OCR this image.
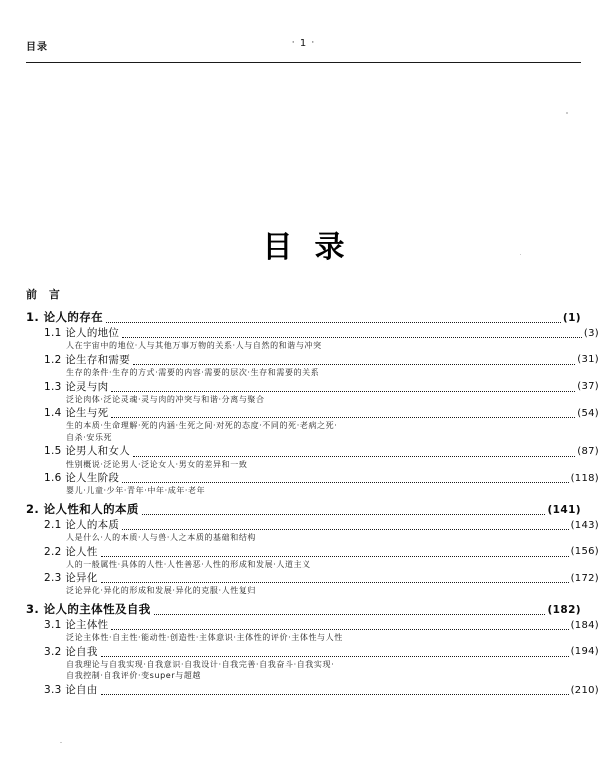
目录	· 1 ·
目录
前 言
1. 论人的存在	(1)
1.1 论人的地位	(3)
人在宇宙中的地位·人与其他万事万物的关系·人与自然的和谐与冲突
1.2 论生存和需要	(31)
生存的条件·生存的方式·需要的内容·需要的层次·生存和需要的关系
1.3 论灵与肉	(37)
泛论肉体·泛论灵魂·灵与肉的冲突与和谐·分离与聚合
1.4 论生与死	(54)
生的本质·生命理解·死的内涵·生死之间·对死的态度·不同的死·老病之死·
自杀·安乐死
1.5 论男人和女人	(87)
性别概说·泛论男人·泛论女人·男女的差异和一致
1.6 论人生阶段	(118)
婴儿·儿童·少年·青年·中年·成年·老年
2. 论人性和人的本质	(141)
2.1 论人的本质	(143)
人是什么·人的本质·人与兽·人之本质的基础和结构
2.2 论人性	(156)
人的一般属性·具体的人性·人性善恶·人性的形成和发展·人道主义
2.3 论异化	(172)
泛论异化·异化的形成和发展·异化的克服·人性复归
3. 论人的主体性及自我	(182)
3.1 论主体性	(184)
泛论主体性·自主性·能动性·创造性·主体意识·主体性的评价·主体性与人性
3.2 论自我	(194)
自我理论与自我实现·自我意识·自我设计·自我完善·自我奋斗·自我实现·
自我控制·自我评价·变super与超越
3.3 论自由	(210)
